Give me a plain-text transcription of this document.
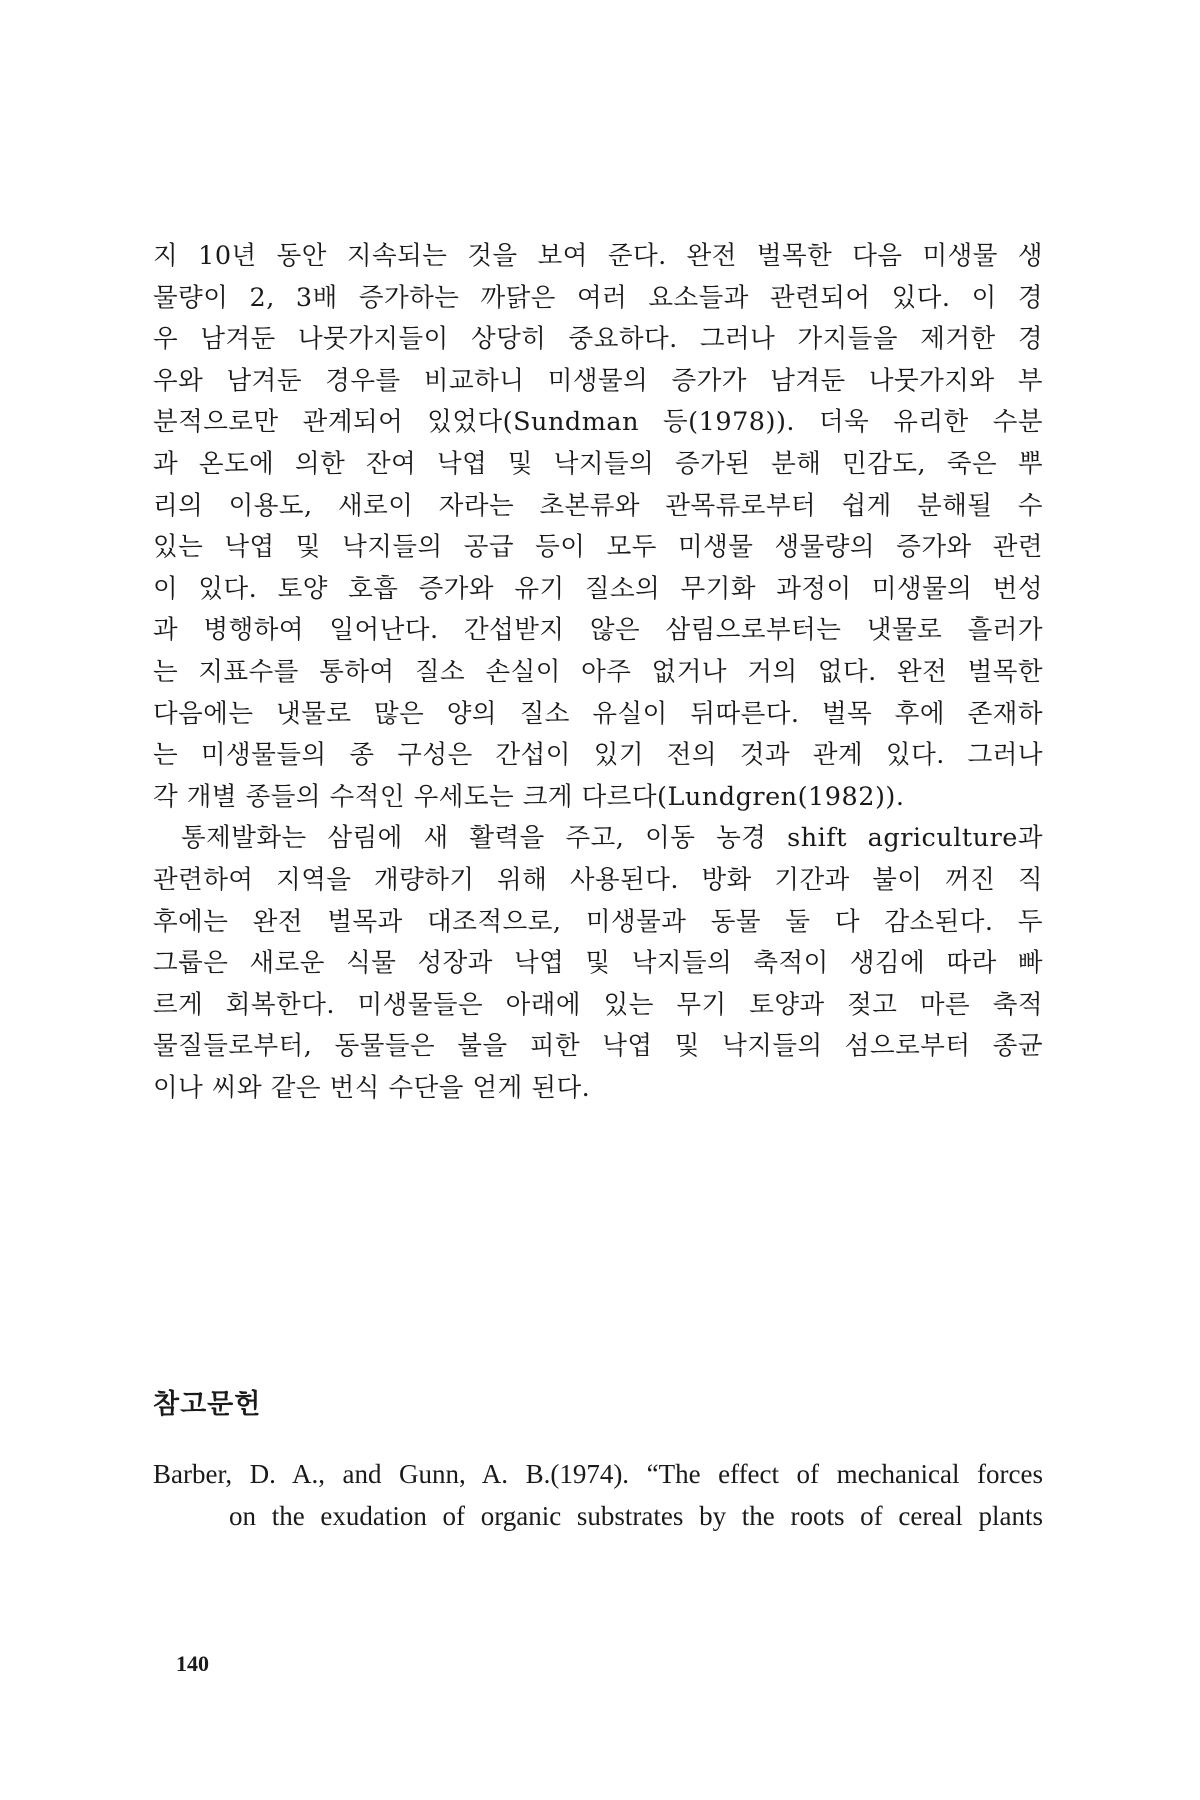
지 10년 동안 지속되는 것을 보여 준다. 완전 벌목한 다음 미생물 생
물량이 2, 3배 증가하는 까닭은 여러 요소들과 관련되어 있다. 이 경
우 남겨둔 나뭇가지들이 상당히 중요하다. 그러나 가지들을 제거한 경
우와 남겨둔 경우를 비교하니 미생물의 증가가 남겨둔 나뭇가지와 부
분적으로만 관계되어 있었다(Sundman 등(1978)). 더욱 유리한 수분
과 온도에 의한 잔여 낙엽 및 낙지들의 증가된 분해 민감도, 죽은 뿌
리의 이용도, 새로이 자라는 초본류와 관목류로부터 쉽게 분해될 수
있는 낙엽 및 낙지들의 공급 등이 모두 미생물 생물량의 증가와 관련
이 있다. 토양 호흡 증가와 유기 질소의 무기화 과정이 미생물의 번성
과 병행하여 일어난다. 간섭받지 않은 삼림으로부터는 냇물로 흘러가
는 지표수를 통하여 질소 손실이 아주 없거나 거의 없다. 완전 벌목한
다음에는 냇물로 많은 양의 질소 유실이 뒤따른다. 벌목 후에 존재하
는 미생물들의 종 구성은 간섭이 있기 전의 것과 관계 있다. 그러나
각 개별 종들의 수적인 우세도는 크게 다르다(Lundgren(1982)).
통제발화는 삼림에 새 활력을 주고, 이동 농경 shift agriculture과
관련하여 지역을 개량하기 위해 사용된다. 방화 기간과 불이 꺼진 직
후에는 완전 벌목과 대조적으로, 미생물과 동물 둘 다 감소된다. 두
그룹은 새로운 식물 성장과 낙엽 및 낙지들의 축적이 생김에 따라 빠
르게 회복한다. 미생물들은 아래에 있는 무기 토양과 젖고 마른 축적
물질들로부터, 동물들은 불을 피한 낙엽 및 낙지들의 섬으로부터 종균
이나 씨와 같은 번식 수단을 얻게 된다.
참고문헌
Barber, D. A., and Gunn, A. B.(1974). “The effect of mechanical forces
on the exudation of organic substrates by the roots of cereal plants
140
